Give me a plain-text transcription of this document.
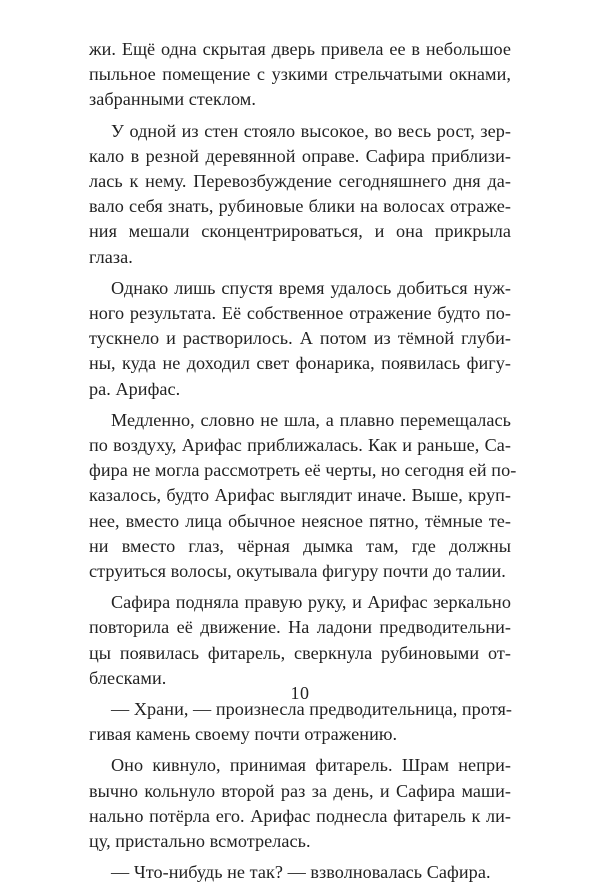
жи. Ещё одна скрытая дверь привела ее в небольшое
пыльное помещение с узкими стрельчатыми окнами,
забранными стеклом.
У одной из стен стояло высокое, во весь рост, зер-
кало в резной деревянной оправе. Сафира приблизи-
лась к нему. Перевозбуждение сегодняшнего дня да-
вало себя знать, рубиновые блики на волосах отраже-
ния мешали сконцентрироваться, и она прикрыла
глаза.
Однако лишь спустя время удалось добиться нуж-
ного результата. Её собственное отражение будто по-
тускнело и растворилось. А потом из тёмной глуби-
ны, куда не доходил свет фонарика, появилась фигу-
ра. Арифас.
Медленно, словно не шла, а плавно перемещалась
по воздуху, Арифас приближалась. Как и раньше, Са-
фира не могла рассмотреть её черты, но сегодня ей по-
казалось, будто Арифас выглядит иначе. Выше, круп-
нее, вместо лица обычное неясное пятно, тёмные те-
ни вместо глаз, чёрная дымка там, где должны
струиться волосы, окутывала фигуру почти до талии.
Сафира подняла правую руку, и Арифас зеркально
повторила её движение. На ладони предводительни-
цы появилась фитарель, сверкнула рубиновыми от-
блесками.
— Храни, — произнесла предводительница, протя-
гивая камень своему почти отражению.
Оно кивнуло, принимая фитарель. Шрам непри-
вычно кольнуло второй раз за день, и Сафира маши-
нально потёрла его. Арифас поднесла фитарель к ли-
цу, пристально всмотрелась.
— Что-нибудь не так? — взволновалась Сафира.
10
